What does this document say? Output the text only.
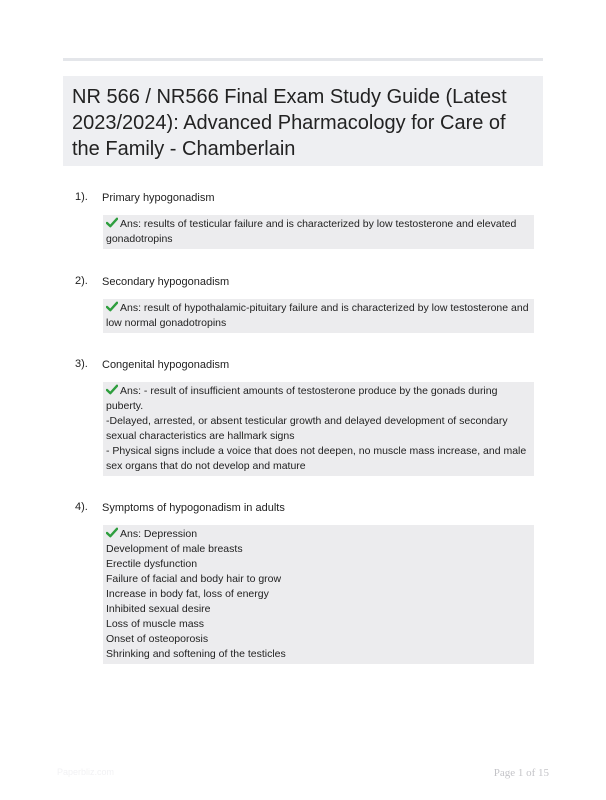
NR 566 / NR566 Final Exam Study Guide (Latest 2023/2024): Advanced Pharmacology for Care of the Family - Chamberlain
1). Primary hypogonadism

Ans: results of testicular failure and is characterized by low testosterone and elevated gonadotropins

2). Secondary hypogonadism

Ans: result of hypothalamic-pituitary failure and is characterized by low testosterone and low normal gonadotropins

3). Congenital hypogonadism

Ans: - result of insufficient amounts of testosterone produce by the gonads during puberty.

-Delayed, arrested, or absent testicular growth and delayed development of secondary sexual characteristics are hallmark signs

- Physical signs include a voice that does not deepen, no muscle mass increase, and male sex organs that do not develop and mature

4). Symptoms of hypogonadism in adults

Ans: Depression

Development of male breasts

Erectile dysfunction

Failure of facial and body hair to grow

Increase in body fat, loss of energy

Inhibited sexual desire

Loss of muscle mass

Onset of osteoporosis

Shrinking and softening of the testicles

Paperbliz.com	Page 1 of 15
